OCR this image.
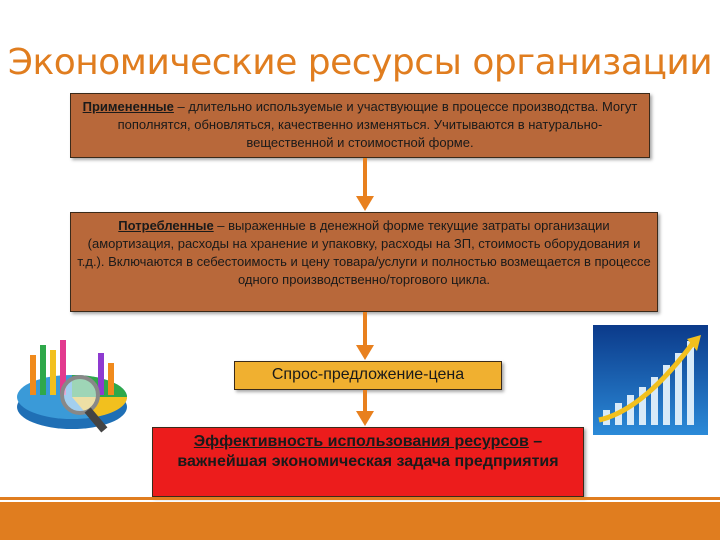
Экономические ресурсы организации
Примененные – длительно используемые и участвующие в процессе производства. Могут пополнятся, обновляться, качественно изменяться. Учитываются в натурально-вещественной и стоимостной форме.
Потребленные – выраженные в денежной форме текущие затраты организации (амортизация, расходы на хранение и упаковку, расходы на ЗП, стоимость оборудования и т.д.). Включаются в себестоимость и цену товара/услуги и полностью возмещается в процессе одного производственно/торгового цикла.
Спрос-предложение-цена
Эффективность использования ресурсов – важнейшая экономическая задача предприятия
